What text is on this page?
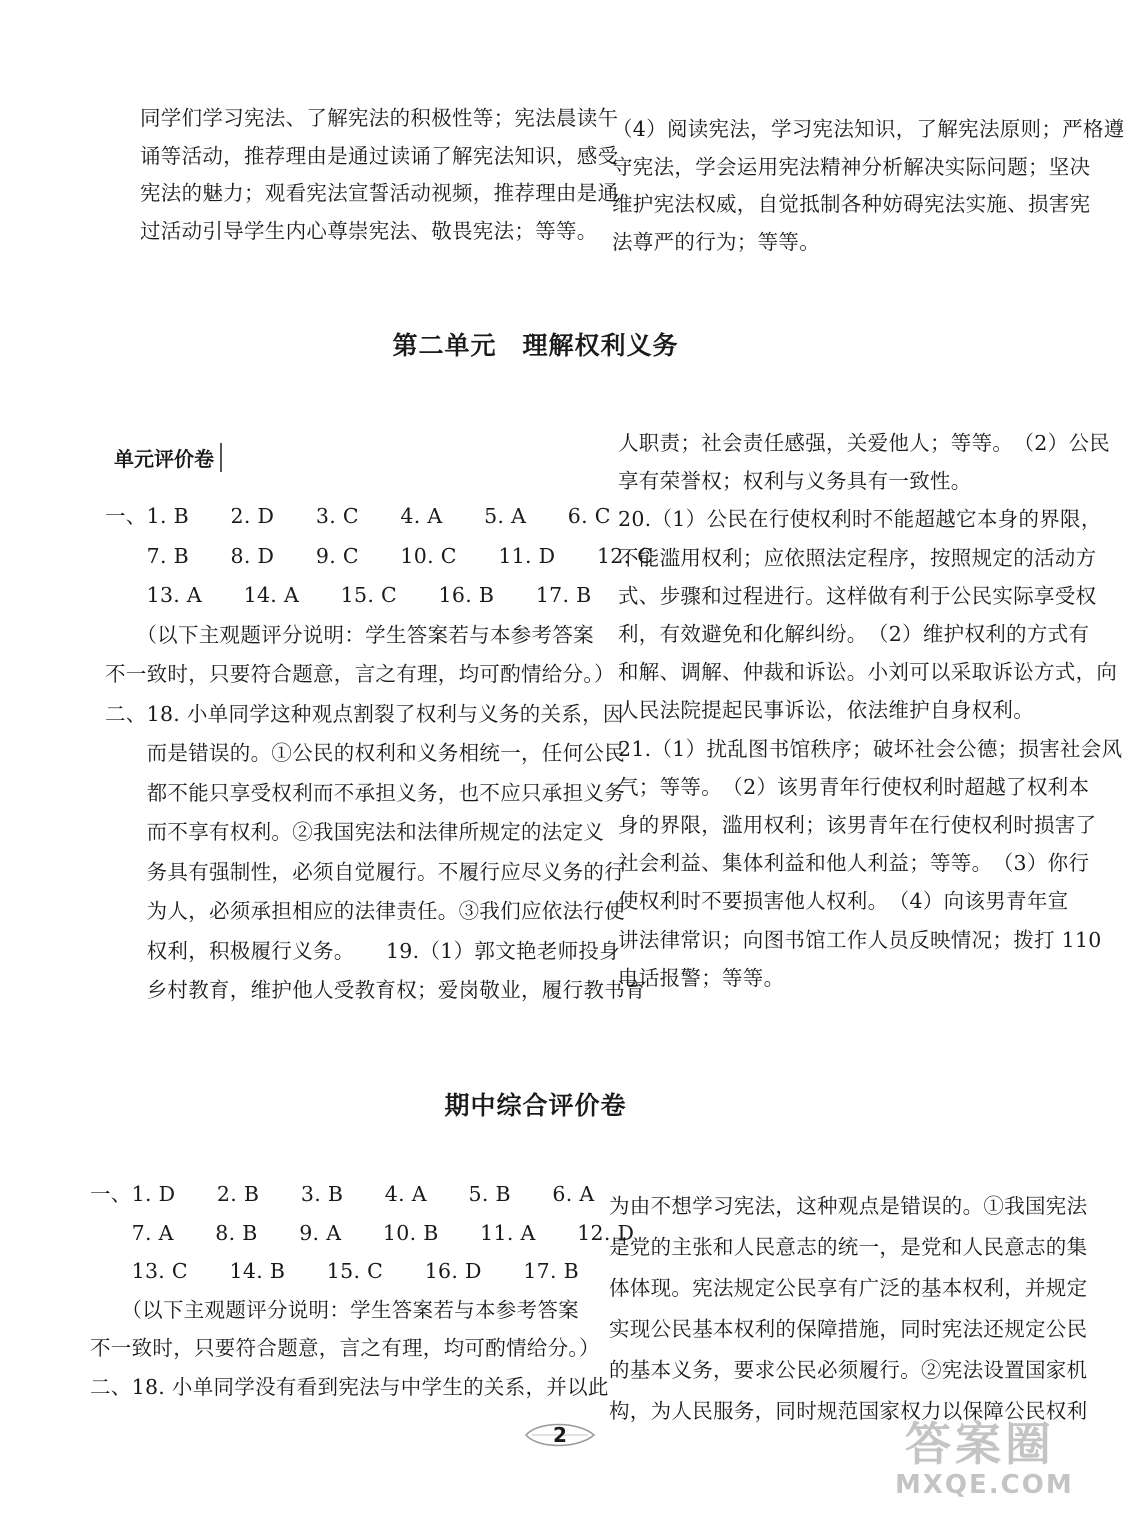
同学们学习宪法、了解宪法的积极性等；宪法晨读午

诵等活动，推荐理由是通过读诵了解宪法知识，感受

宪法的魅力；观看宪法宣誓活动视频，推荐理由是通

过活动引导学生内心尊崇宪法、敬畏宪法；等等。

（4）阅读宪法，学习宪法知识，了解宪法原则；严格遵

守宪法，学会运用宪法精神分析解决实际问题；坚决

维护宪法权威，自觉抵制各种妨碍宪法实施、损害宪

法尊严的行为；等等。

第二单元　理解权利义务
单元评价卷

一、1. B　　2. D　　3. C　　4. A　　5. A　　6. C

　　7. B　　8. D　　9. C　　10. C　　11. D　　12. C

　　13. A　　14. A　　15. C　　16. B　　17. B

　　（以下主观题评分说明：学生答案若与本参考答案

不一致时，只要符合题意，言之有理，均可酌情给分。）

二、18. 小单同学这种观点割裂了权利与义务的关系，因

　　而是错误的。①公民的权利和义务相统一，任何公民

　　都不能只享受权利而不承担义务，也不应只承担义务

　　而不享有权利。②我国宪法和法律所规定的法定义

　　务具有强制性，必须自觉履行。不履行应尽义务的行

　　为人，必须承担相应的法律责任。③我们应依法行使

　　权利，积极履行义务。　　19.（1）郭文艳老师投身

　　乡村教育，维护他人受教育权；爱岗敬业，履行教书育

人职责；社会责任感强，关爱他人；等等。　（2）公民

享有荣誉权；权利与义务具有一致性。

20.（1）公民在行使权利时不能超越它本身的界限，

不能滥用权利；应依照法定程序，按照规定的活动方

式、步骤和过程进行。这样做有利于公民实际享受权

利，有效避免和化解纠纷。　（2）维护权利的方式有

和解、调解、仲裁和诉讼。小刘可以采取诉讼方式，向

人民法院提起民事诉讼，依法维护自身权利。

21.（1）扰乱图书馆秩序；破坏社会公德；损害社会风

气；等等。　（2）该男青年行使权利时超越了权利本

身的界限，滥用权利；该男青年在行使权利时损害了

社会利益、集体利益和他人利益；等等。　（3）你行

使权利时不要损害他人权利。　（4）向该男青年宣

讲法律常识；向图书馆工作人员反映情况；拨打 110

电话报警；等等。

期中综合评价卷

一、1. D　　2. B　　3. B　　4. A　　5. B　　6. A

　　7. A　　8. B　　9. A　　10. B　　11. A　　12. D

　　13. C　　14. B　　15. C　　16. D　　17. B

　　（以下主观题评分说明：学生答案若与本参考答案

不一致时，只要符合题意，言之有理，均可酌情给分。）

二、18. 小单同学没有看到宪法与中学生的关系，并以此

为由不想学习宪法，这种观点是错误的。①我国宪法

是党的主张和人民意志的统一，是党和人民意志的集

体体现。宪法规定公民享有广泛的基本权利，并规定

实现公民基本权利的保障措施，同时宪法还规定公民

的基本义务，要求公民必须履行。②宪法设置国家机

构，为人民服务，同时规范国家权力以保障公民权利

2	答案圈
MXQE.COM
